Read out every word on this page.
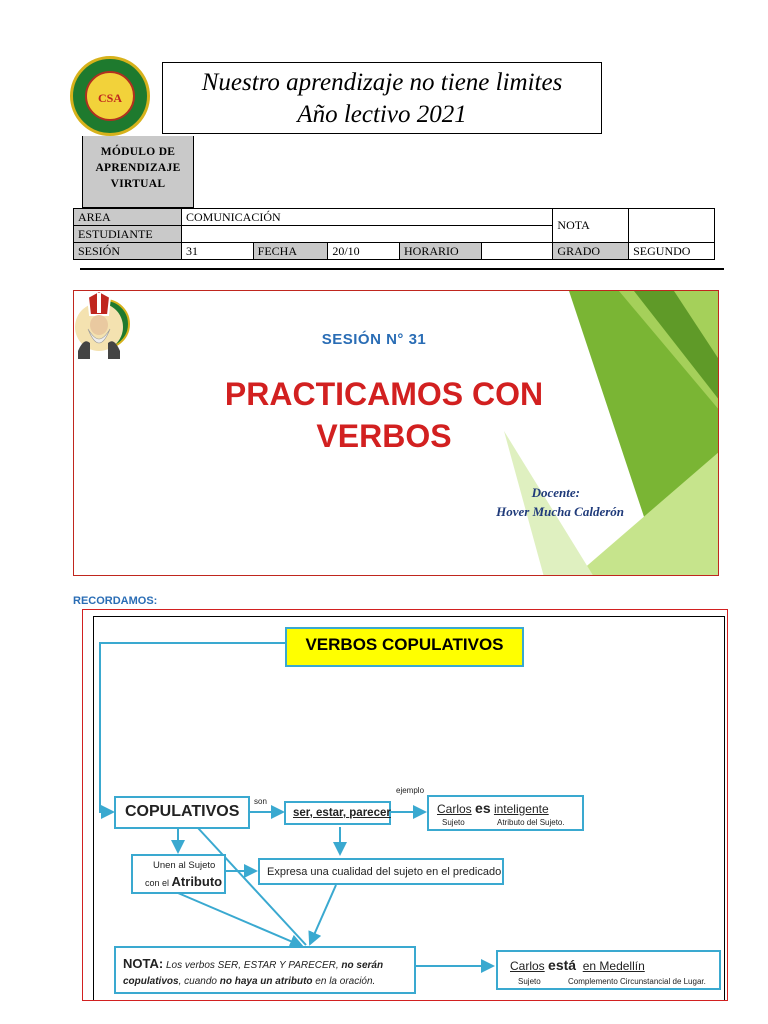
CSA
Nuestro aprendizaje no tiene limites
Año lectivo 2021
MÓDULO DE
APRENDIZAJE
VIRTUAL
AREA	COMUNICACIÓN					NOTA	
ESTUDIANTE							
SESIÓN	31	FECHA	20/10	HORARIO		GRADO	SEGUNDO
SESIÓN N° 31
PRACTICAMOS CON
VERBOS
Docente:
Hover Mucha Calderón
RECORDAMOS:
VERBOS COPULATIVOS
COPULATIVOS
son
ser, estar, parecer
ejemplo
Carlos es inteligente
Sujeto	Atributo del Sujeto.
Unen al Sujeto
con el Atributo
Expresa una cualidad del sujeto en el predicado
NOTA: Los verbos SER, ESTAR Y PARECER, no serán
copulativos, cuando no haya un atributo en la oración.
Carlos está en Medellín
Sujeto	Complemento Circunstancial de Lugar.
